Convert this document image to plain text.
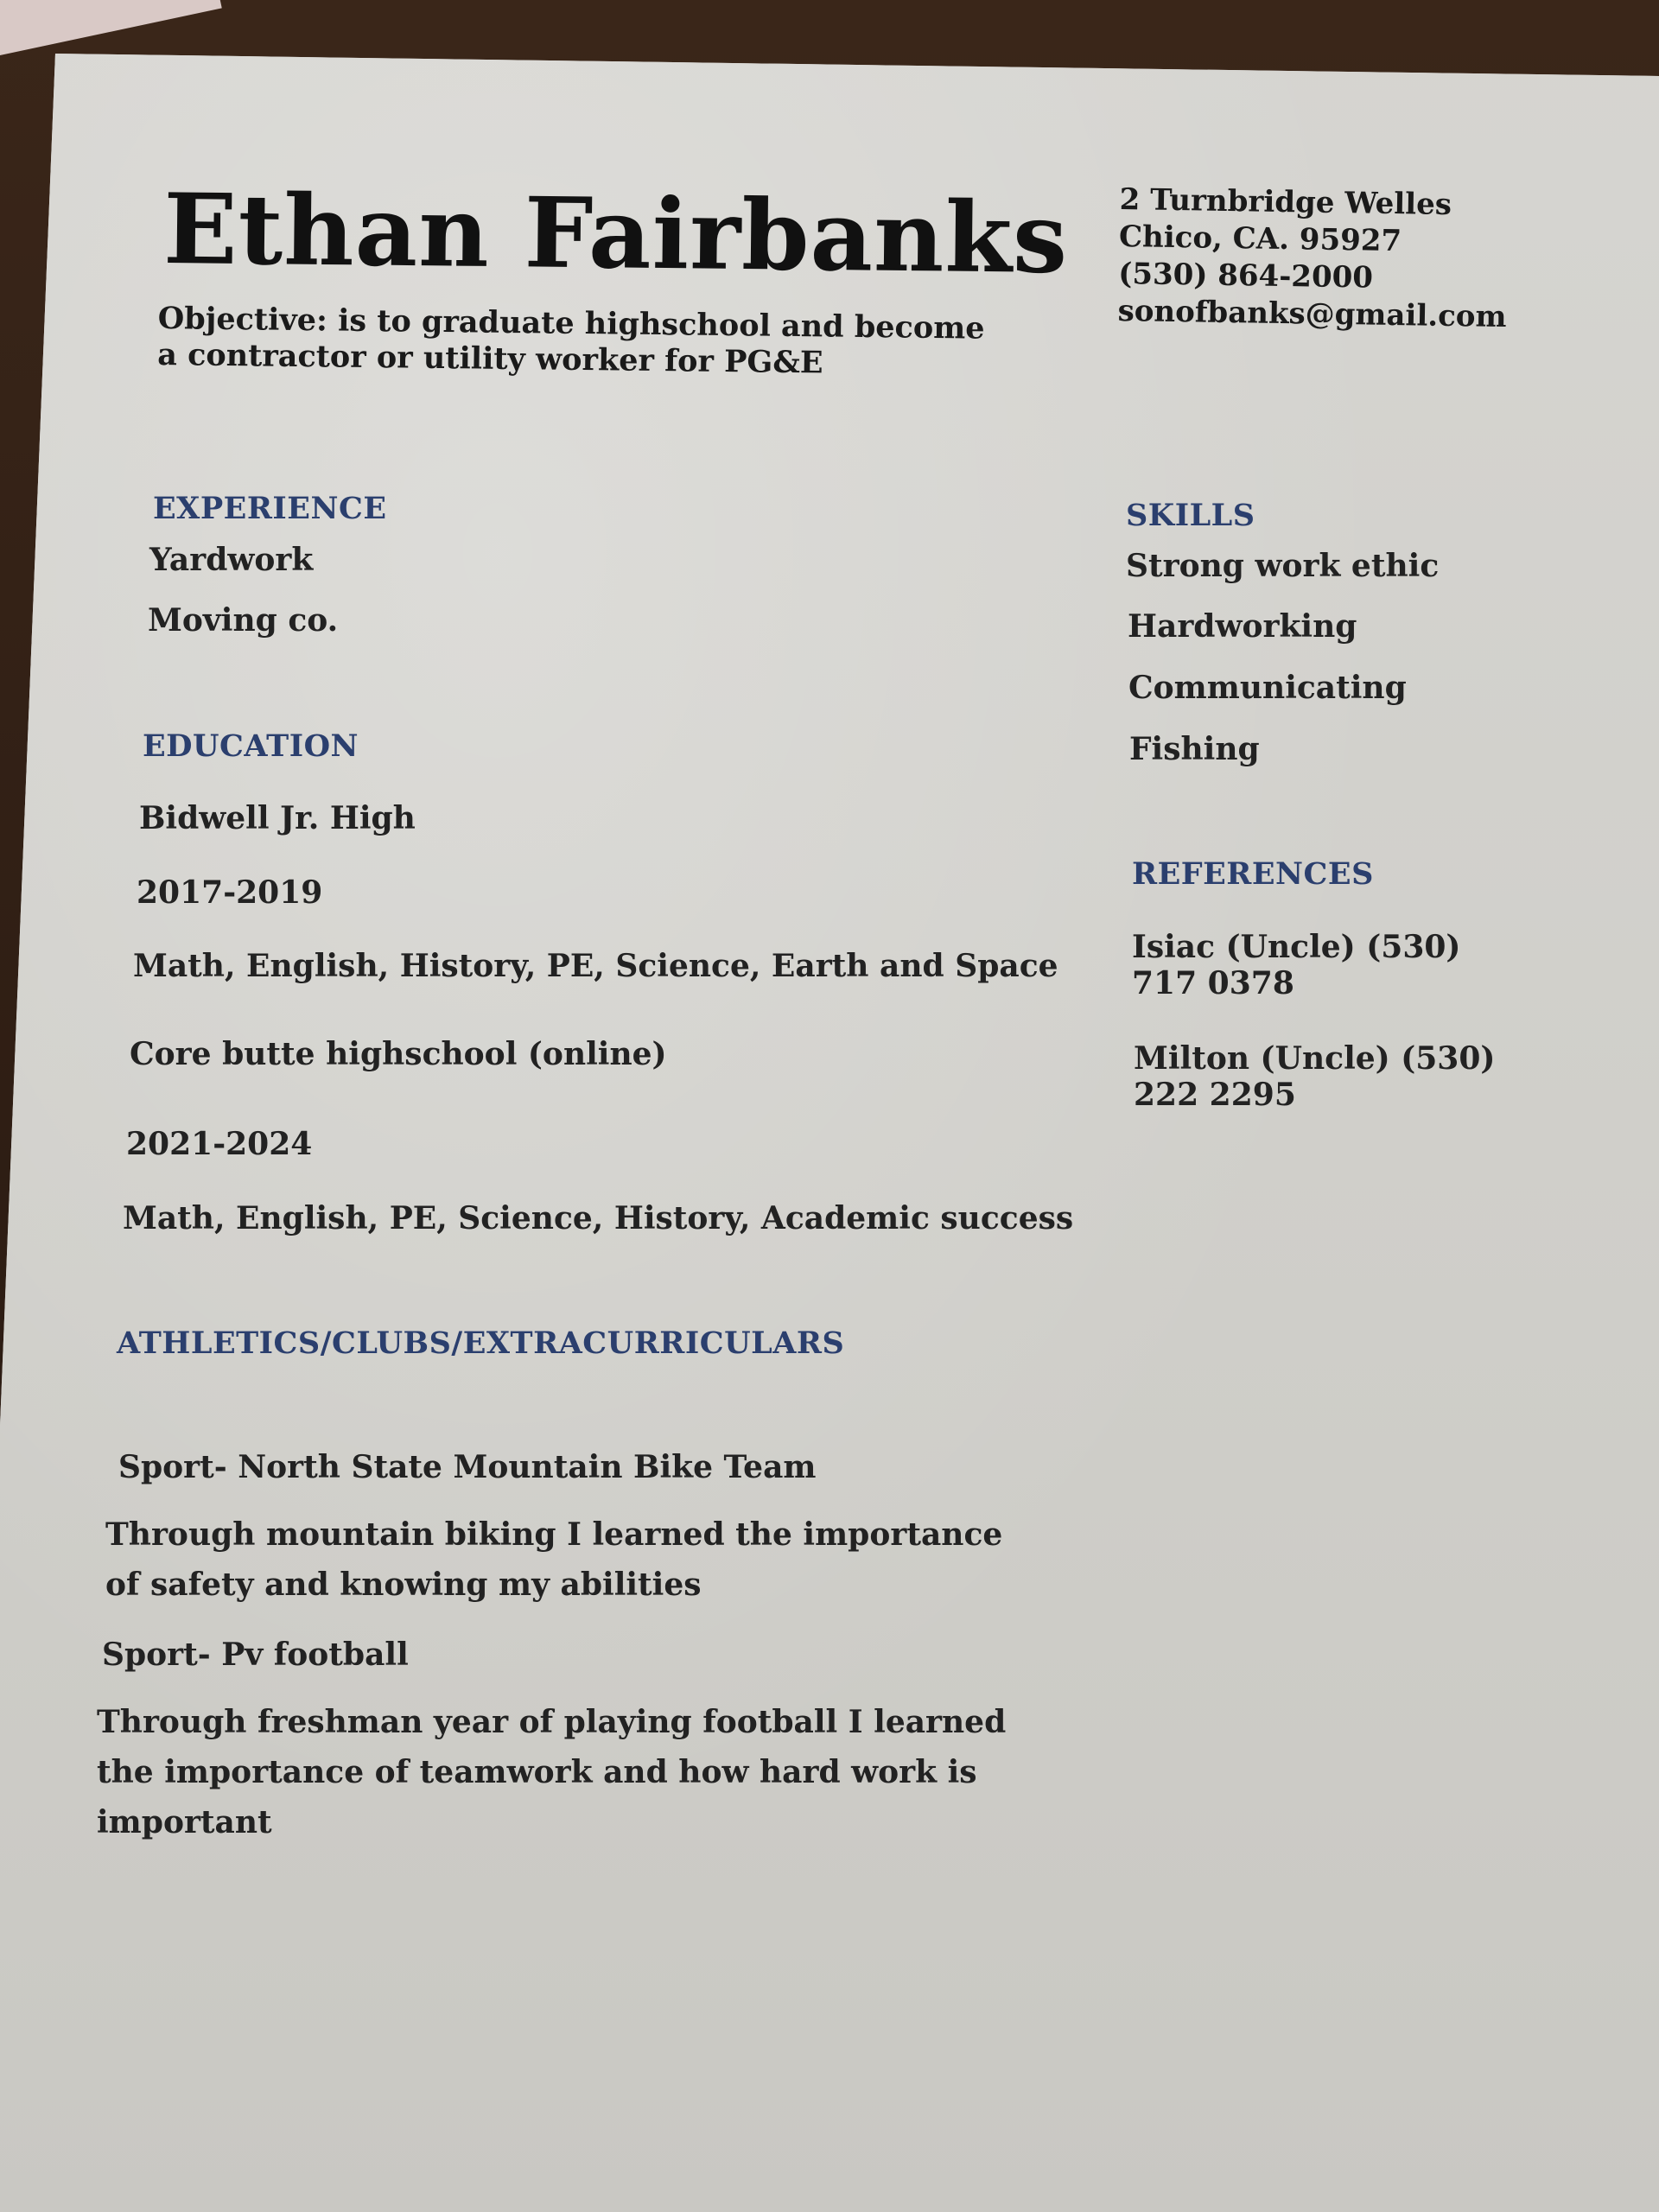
Ethan Fairbanks
Objective: is to graduate highschool and become a contractor or utility worker for PG&E
2 Turnbridge Welles
Chico, CA. 95927
(530) 864-2000
sonofbanks@gmail.com
EXPERIENCE
Yardwork
Moving co.
EDUCATION
Bidwell Jr. High
2017-2019
Math, English, History, PE, Science, Earth and Space
Core butte highschool (online)
2021-2024
Math, English, PE, Science, History, Academic success
ATHLETICS/CLUBS/EXTRACURRICULARS
Sport- North State Mountain Bike Team
Through mountain biking I learned the importance of safety and knowing my abilities
Sport- Pv football
Through freshman year of playing football I learned the importance of teamwork and how hard work is important
SKILLS
Strong work ethic
Hardworking
Communicating
Fishing
REFERENCES
Isiac (Uncle) (530) 717 0378
Milton (Uncle) (530) 222 2295
